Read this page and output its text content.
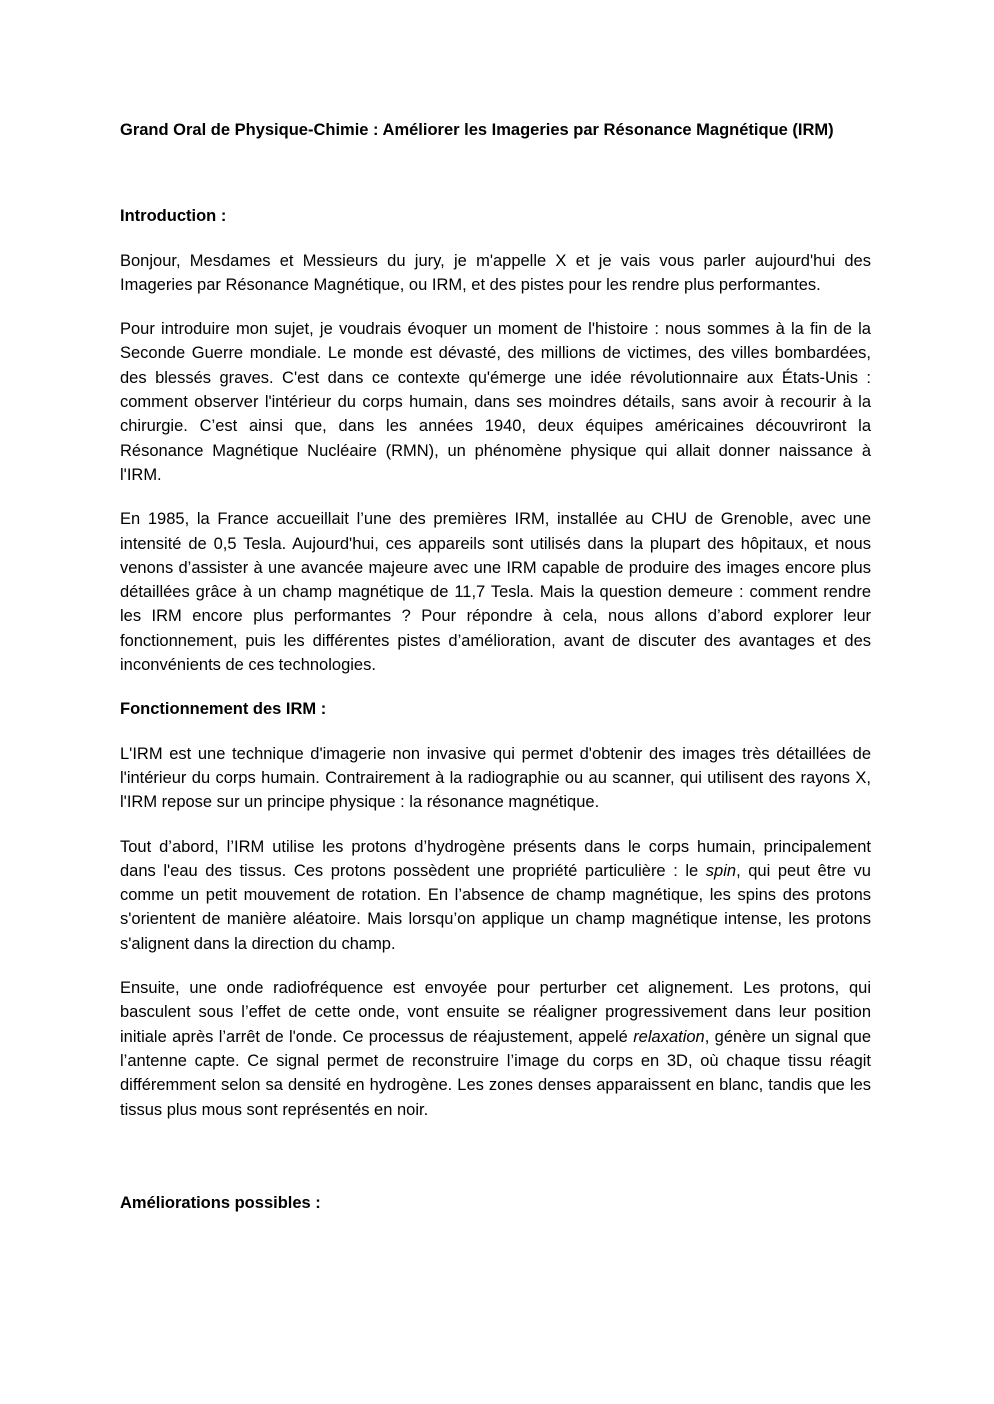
Grand Oral de Physique-Chimie : Améliorer les Imageries par Résonance Magnétique (IRM)

Introduction :

Bonjour, Mesdames et Messieurs du jury, je m'appelle X et je vais vous parler aujourd'hui des Imageries par Résonance Magnétique, ou IRM, et des pistes pour les rendre plus performantes.

Pour introduire mon sujet, je voudrais évoquer un moment de l'histoire : nous sommes à la fin de la Seconde Guerre mondiale. Le monde est dévasté, des millions de victimes, des villes bombardées, des blessés graves. C'est dans ce contexte qu'émerge une idée révolutionnaire aux États-Unis : comment observer l'intérieur du corps humain, dans ses moindres détails, sans avoir à recourir à la chirurgie. C’est ainsi que, dans les années 1940, deux équipes américaines découvriront la Résonance Magnétique Nucléaire (RMN), un phénomène physique qui allait donner naissance à l'IRM.

En 1985, la France accueillait l’une des premières IRM, installée au CHU de Grenoble, avec une intensité de 0,5 Tesla. Aujourd'hui, ces appareils sont utilisés dans la plupart des hôpitaux, et nous venons d’assister à une avancée majeure avec une IRM capable de produire des images encore plus détaillées grâce à un champ magnétique de 11,7 Tesla. Mais la question demeure : comment rendre les IRM encore plus performantes ? Pour répondre à cela, nous allons d’abord explorer leur fonctionnement, puis les différentes pistes d’amélioration, avant de discuter des avantages et des inconvénients de ces technologies.

Fonctionnement des IRM :

L'IRM est une technique d'imagerie non invasive qui permet d'obtenir des images très détaillées de l'intérieur du corps humain. Contrairement à la radiographie ou au scanner, qui utilisent des rayons X, l'IRM repose sur un principe physique : la résonance magnétique.

Tout d’abord, l’IRM utilise les protons d’hydrogène présents dans le corps humain, principalement dans l'eau des tissus. Ces protons possèdent une propriété particulière : le spin, qui peut être vu comme un petit mouvement de rotation. En l’absence de champ magnétique, les spins des protons s'orientent de manière aléatoire. Mais lorsqu’on applique un champ magnétique intense, les protons s'alignent dans la direction du champ.

Ensuite, une onde radiofréquence est envoyée pour perturber cet alignement. Les protons, qui basculent sous l’effet de cette onde, vont ensuite se réaligner progressivement dans leur position initiale après l’arrêt de l'onde. Ce processus de réajustement, appelé relaxation, génère un signal que l’antenne capte. Ce signal permet de reconstruire l’image du corps en 3D, où chaque tissu réagit différemment selon sa densité en hydrogène. Les zones denses apparaissent en blanc, tandis que les tissus plus mous sont représentés en noir.

Améliorations possibles :
